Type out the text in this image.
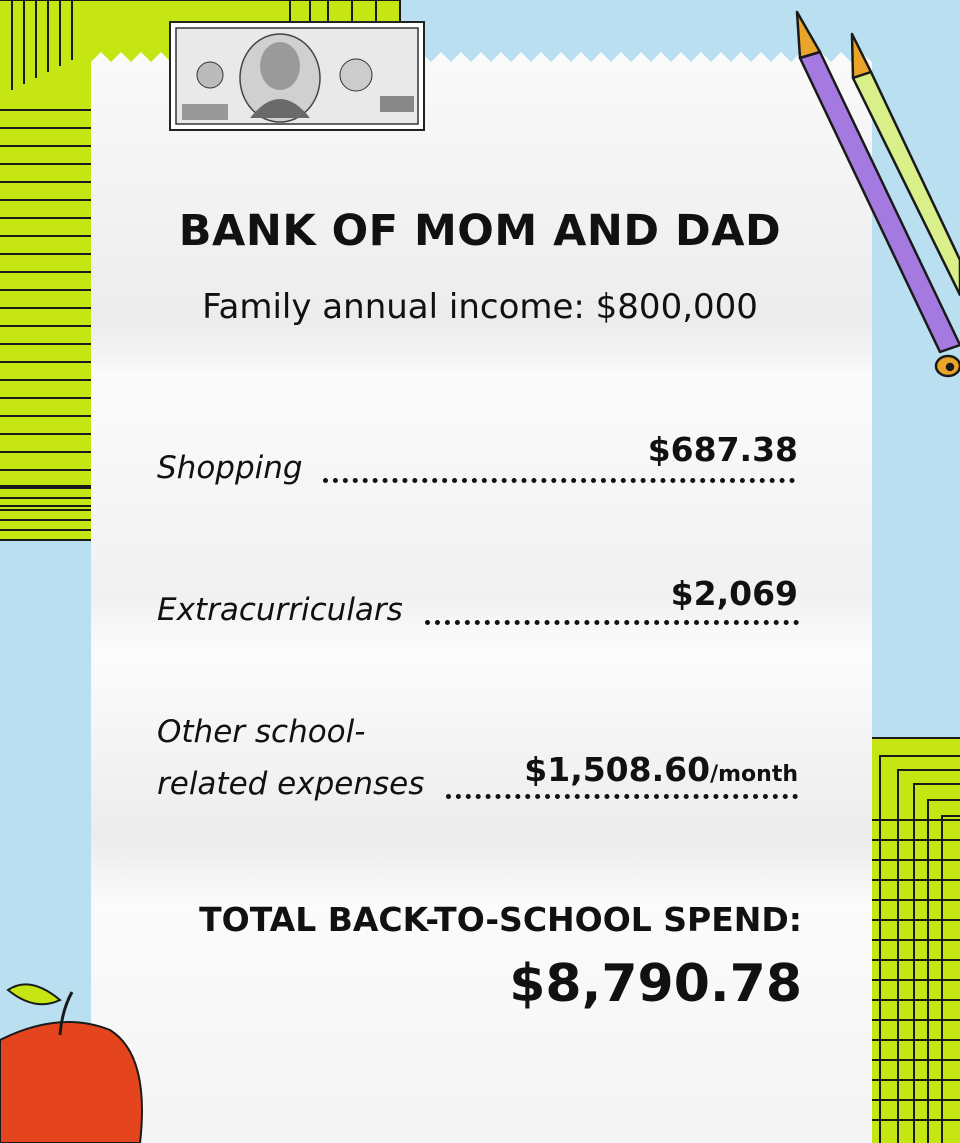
BANK OF MOM AND DAD
Family annual income: $800,000
Shopping	$687.38
Extracurriculars	$2,069
Other school-
related expenses	$1,508.60/month
TOTAL BACK-TO-SCHOOL SPEND:
$8,790.78
